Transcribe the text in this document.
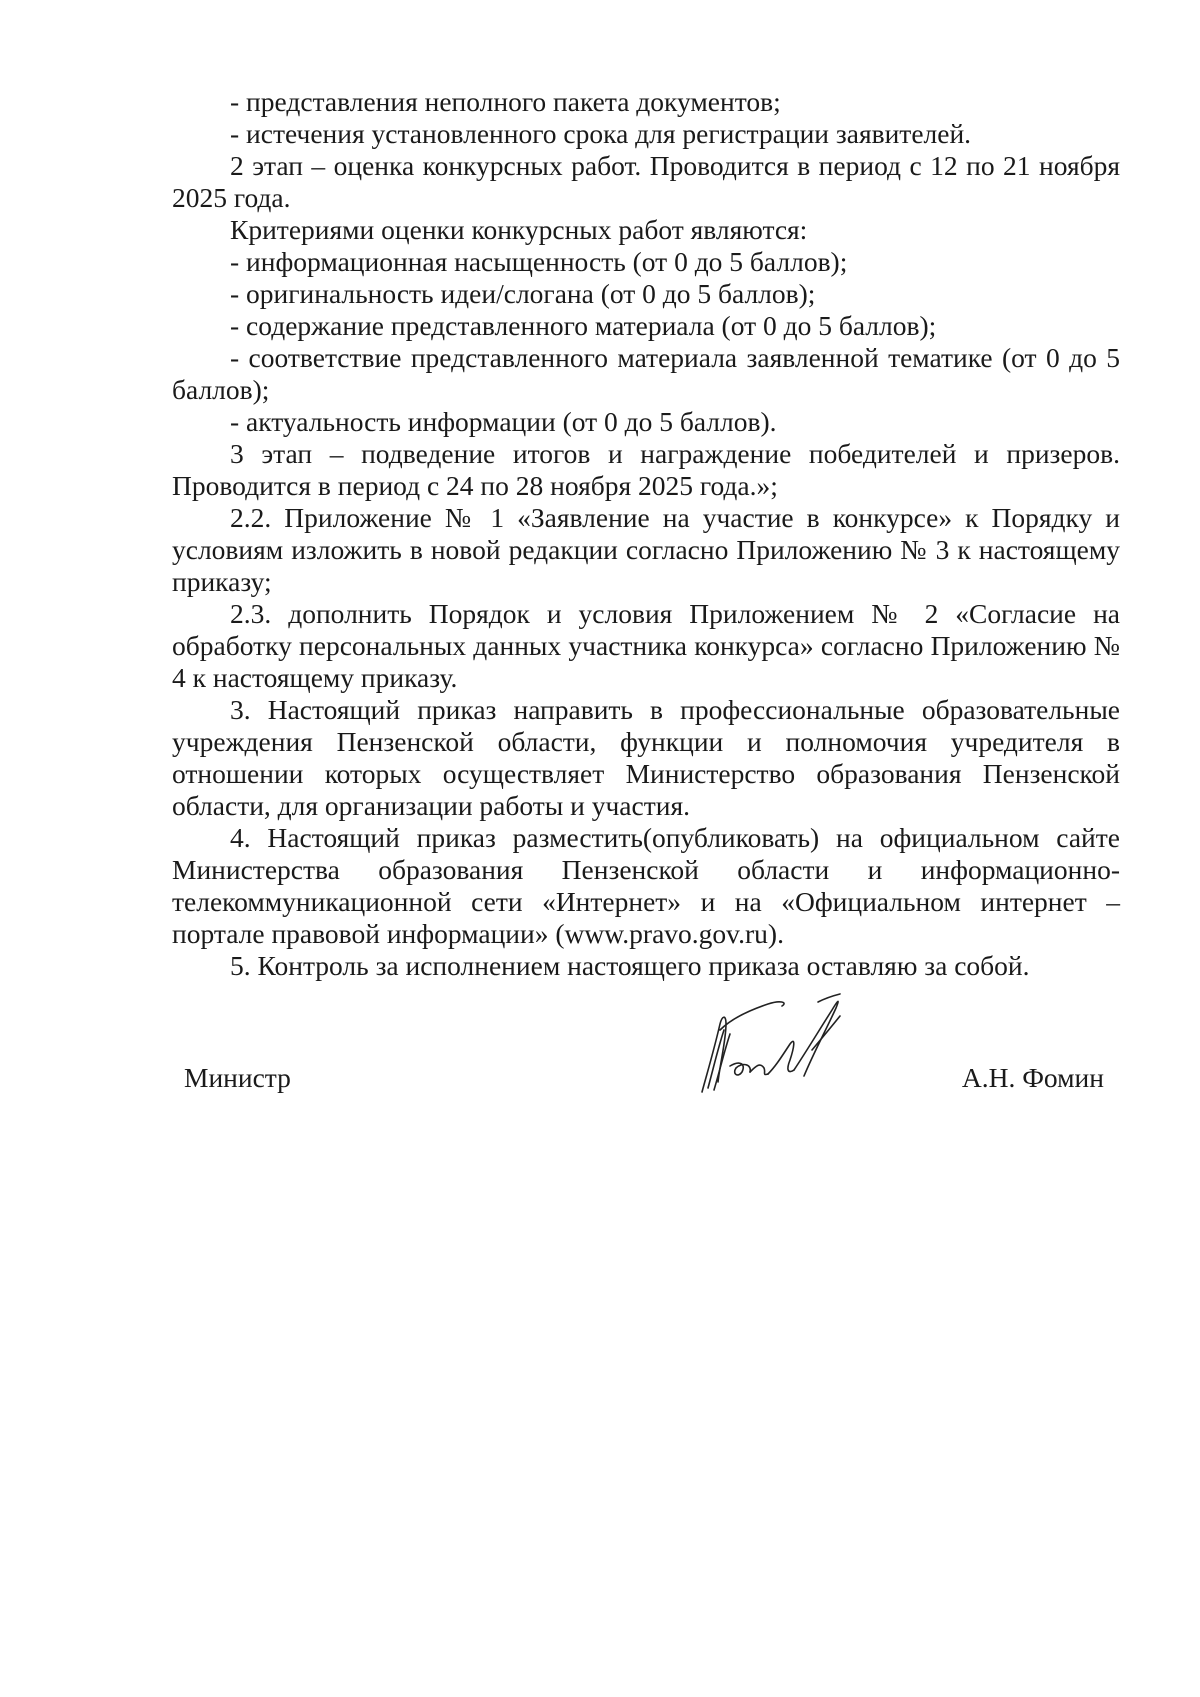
- представления неполного пакета документов;

- истечения установленного срока для регистрации заявителей.

2 этап – оценка конкурсных работ. Проводится в период с 12 по 21 ноября 2025 года.

Критериями оценки конкурсных работ являются:

- информационная насыщенность (от 0 до 5 баллов);

- оригинальность идеи/слогана (от 0 до 5 баллов);

- содержание представленного материала (от 0 до 5 баллов);

- соответствие представленного материала заявленной тематике (от 0 до 5 баллов);

- актуальность информации (от 0 до 5 баллов).

3 этап – подведение итогов и награждение победителей и призеров. Проводится в период с 24 по 28 ноября 2025 года.»;

2.2. Приложение № 1 «Заявление на участие в конкурсе» к Порядку и условиям изложить в новой редакции согласно Приложению № 3 к настоящему приказу;

2.3. дополнить Порядок и условия Приложением № 2 «Согласие на обработку персональных данных участника конкурса» согласно Приложению № 4 к настоящему приказу.

3. Настоящий приказ направить в профессиональные образовательные учреждения Пензенской области, функции и полномочия учредителя в отношении которых осуществляет Министерство образования Пензенской области, для организации работы и участия.

4. Настоящий приказ разместить(опубликовать) на официальном сайте Министерства образования Пензенской области и информационно-телекоммуникационной сети «Интернет» и на «Официальном интернет – портале правовой информации» (www.pravo.gov.ru).

5. Контроль за исполнением настоящего приказа оставляю за собой.

Министр	А.Н. Фомин
